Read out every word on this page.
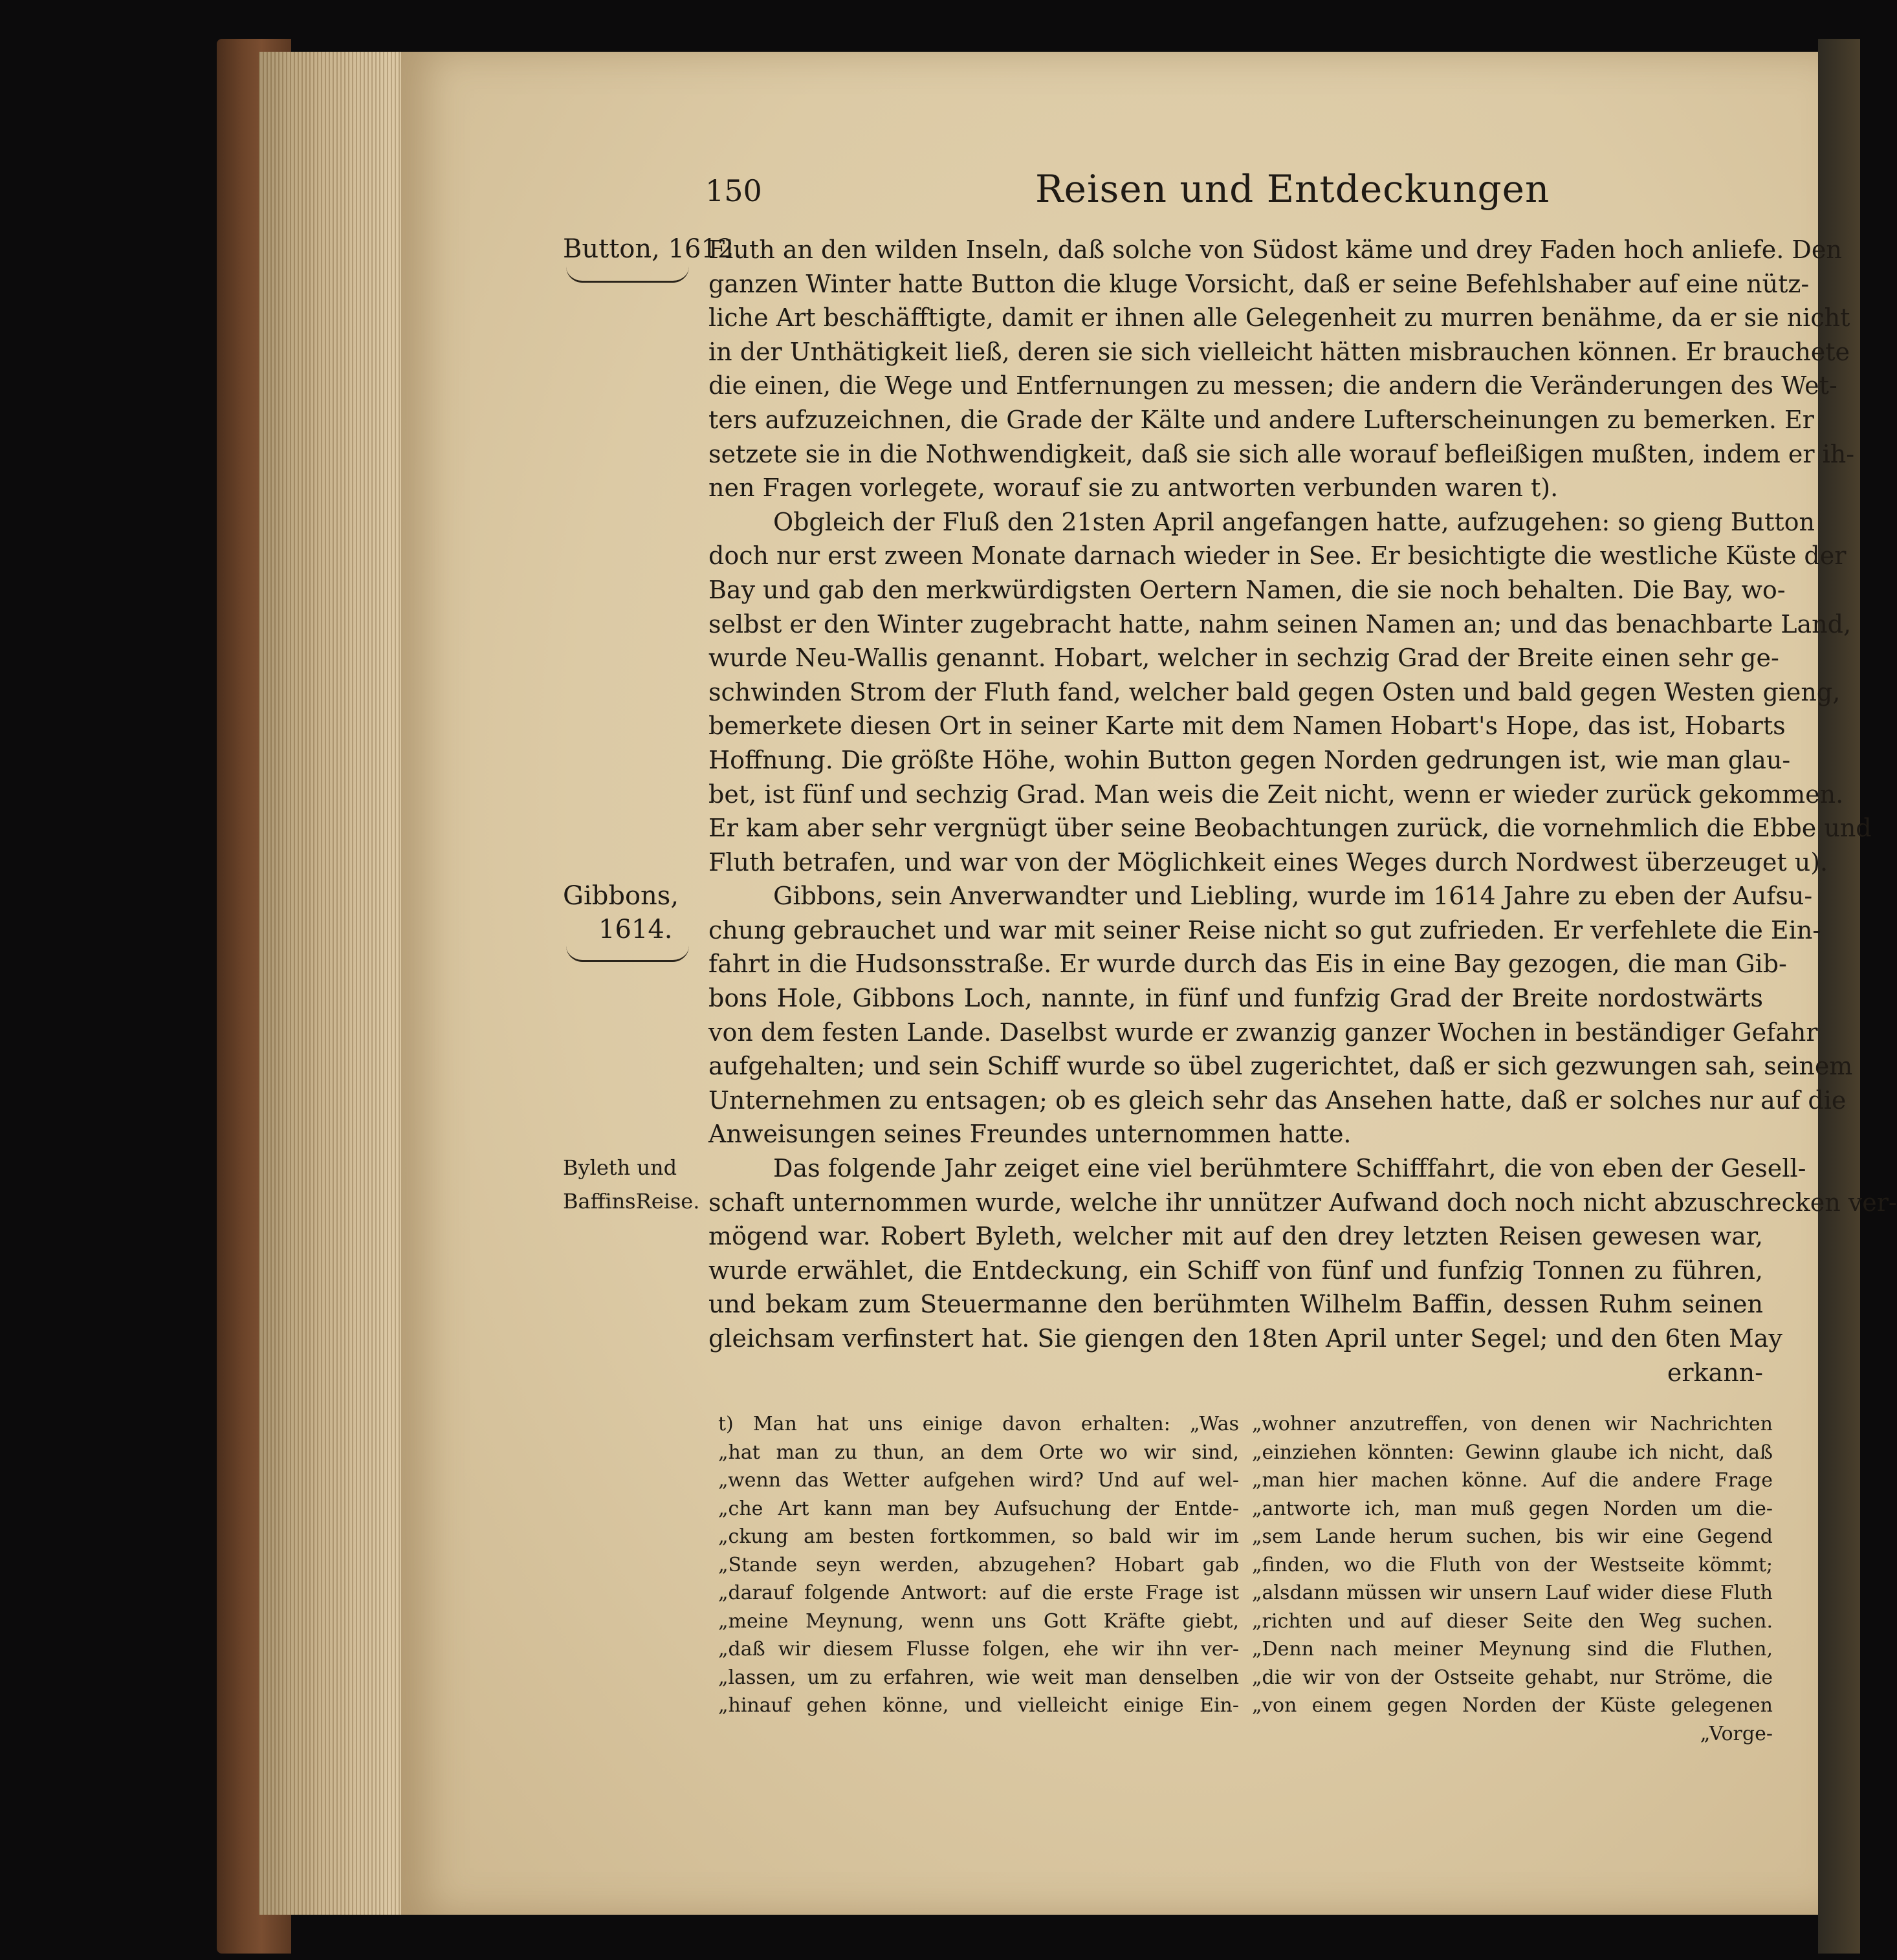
150	Reisen und Entdeckungen
Button, 1612.
Gibbons,
1614.
Byleth und
BaffinsReise.
Fluth an den wilden Inseln, daß solche von Südost käme und drey Faden hoch anliefe. Den
ganzen Winter hatte Button die kluge Vorsicht, daß er seine Befehlshaber auf eine nütz-
liche Art beschäfftigte, damit er ihnen alle Gelegenheit zu murren benähme, da er sie nicht
in der Unthätigkeit ließ, deren sie sich vielleicht hätten misbrauchen können. Er brauchete
die einen, die Wege und Entfernungen zu messen; die andern die Veränderungen des Wet-
ters aufzuzeichnen, die Grade der Kälte und andere Lufterscheinungen zu bemerken. Er
setzete sie in die Nothwendigkeit, daß sie sich alle worauf befleißigen mußten, indem er ih-
nen Fragen vorlegete, worauf sie zu antworten verbunden waren t).
Obgleich der Fluß den 21sten April angefangen hatte, aufzugehen: so gieng Button
doch nur erst zween Monate darnach wieder in See. Er besichtigte die westliche Küste der
Bay und gab den merkwürdigsten Oertern Namen, die sie noch behalten. Die Bay, wo-
selbst er den Winter zugebracht hatte, nahm seinen Namen an; und das benachbarte Land,
wurde Neu-Wallis genannt. Hobart, welcher in sechzig Grad der Breite einen sehr ge-
schwinden Strom der Fluth fand, welcher bald gegen Osten und bald gegen Westen gieng,
bemerkete diesen Ort in seiner Karte mit dem Namen Hobart's Hope, das ist, Hobarts
Hoffnung. Die größte Höhe, wohin Button gegen Norden gedrungen ist, wie man glau-
bet, ist fünf und sechzig Grad. Man weis die Zeit nicht, wenn er wieder zurück gekommen.
Er kam aber sehr vergnügt über seine Beobachtungen zurück, die vornehmlich die Ebbe und
Fluth betrafen, und war von der Möglichkeit eines Weges durch Nordwest überzeuget u).
Gibbons, sein Anverwandter und Liebling, wurde im 1614 Jahre zu eben der Aufsu-
chung gebrauchet und war mit seiner Reise nicht so gut zufrieden. Er verfehlete die Ein-
fahrt in die Hudsonsstraße. Er wurde durch das Eis in eine Bay gezogen, die man Gib-
bons Hole, Gibbons Loch, nannte, in fünf und funfzig Grad der Breite nordostwärts
von dem festen Lande. Daselbst wurde er zwanzig ganzer Wochen in beständiger Gefahr
aufgehalten; und sein Schiff wurde so übel zugerichtet, daß er sich gezwungen sah, seinem
Unternehmen zu entsagen; ob es gleich sehr das Ansehen hatte, daß er solches nur auf die
Anweisungen seines Freundes unternommen hatte.
Das folgende Jahr zeiget eine viel berühmtere Schifffahrt, die von eben der Gesell-
schaft unternommen wurde, welche ihr unnützer Aufwand doch noch nicht abzuschrecken ver-
mögend war. Robert Byleth, welcher mit auf den drey letzten Reisen gewesen war,
wurde erwählet, die Entdeckung, ein Schiff von fünf und funfzig Tonnen zu führen,
und bekam zum Steuermanne den berühmten Wilhelm Baffin, dessen Ruhm seinen
gleichsam verfinstert hat. Sie giengen den 18ten April unter Segel; und den 6ten May
erkann-
t) Man hat uns einige davon erhalten: „Was
„hat man zu thun, an dem Orte wo wir sind,
„wenn das Wetter aufgehen wird? Und auf wel-
„che Art kann man bey Aufsuchung der Entde-
„ckung am besten fortkommen, so bald wir im
„Stande seyn werden, abzugehen? Hobart gab
„darauf folgende Antwort: auf die erste Frage ist
„meine Meynung, wenn uns Gott Kräfte giebt,
„daß wir diesem Flusse folgen, ehe wir ihn ver-
„lassen, um zu erfahren, wie weit man denselben
„hinauf gehen könne, und vielleicht einige Ein-
„wohner anzutreffen, von denen wir Nachrichten
„einziehen könnten: Gewinn glaube ich nicht, daß
„man hier machen könne. Auf die andere Frage
„antworte ich, man muß gegen Norden um die-
„sem Lande herum suchen, bis wir eine Gegend
„finden, wo die Fluth von der Westseite kömmt;
„alsdann müssen wir unsern Lauf wider diese Fluth
„richten und auf dieser Seite den Weg suchen.
„Denn nach meiner Meynung sind die Fluthen,
„die wir von der Ostseite gehabt, nur Ströme, die
„von einem gegen Norden der Küste gelegenen
„Vorge-
